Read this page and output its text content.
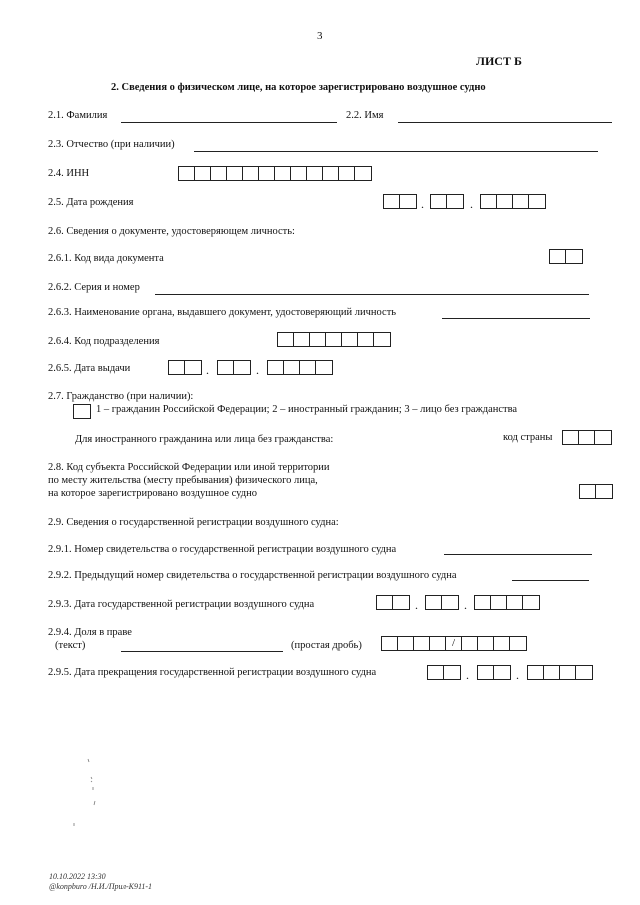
3
ЛИСТ Б
2. Сведения о физическом лице, на которое зарегистрировано воздушное судно
2.1. Фамилия	2.2. Имя
2.3. Отчество (при наличии)
2.4. ИНН
2.5. Дата рождения	.	.
2.6. Сведения о документе, удостоверяющем личность:
2.6.1. Код вида документа
2.6.2. Серия и номер
2.6.3. Наименование органа, выдавшего документ, удостоверяющий личность
2.6.4. Код подразделения
2.6.5. Дата выдачи	.	.
2.7. Гражданство (при наличии):
1 – гражданин Российской Федерации; 2 – иностранный гражданин; 3 – лицо без гражданства
Для иностранного гражданина или лица без гражданства:	код страны
2.8. Код субъекта Российской Федерации или иной территории
по месту жительства (месту пребывания) физического лица,
на которое зарегистрировано воздушное судно
2.9. Сведения о государственной регистрации воздушного судна:
2.9.1. Номер свидетельства о государственной регистрации воздушного судна
2.9.2. Предыдущий номер свидетельства о государственной регистрации воздушного судна
2.9.3. Дата государственной регистрации воздушного судна	.	.
2.9.4. Доля в праве
(текст)	(простая дробь)	/
2.9.5. Дата прекращения государственной регистрации воздушного судна	.	.
10.10.2022 13:30
@konpburo /Н.И./Прил-К911-1
